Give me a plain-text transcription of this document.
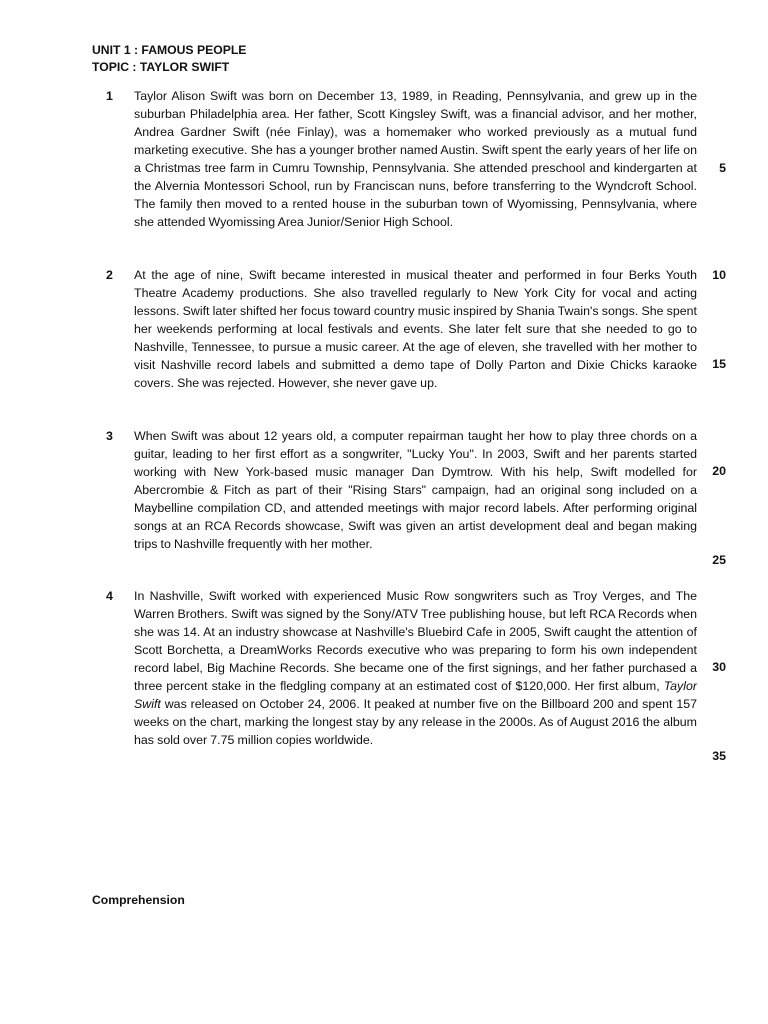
UNIT 1 : FAMOUS PEOPLE
TOPIC : TAYLOR SWIFT
1 Taylor Alison Swift was born on December 13, 1989, in Reading, Pennsylvania, and grew up in the suburban Philadelphia area. Her father, Scott Kingsley Swift, was a financial advisor, and her mother, Andrea Gardner Swift (née Finlay), was a homemaker who worked previously as a mutual fund marketing executive. She has a younger brother named Austin. Swift spent the early years of her life on a Christmas tree farm in Cumru Township, Pennsylvania. She attended preschool and kindergarten at the Alvernia Montessori School, run by Franciscan nuns, before transferring to the Wyndcroft School. The family then moved to a rented house in the suburban town of Wyomissing, Pennsylvania, where she attended Wyomissing Area Junior/Senior High School.
2 At the age of nine, Swift became interested in musical theater and performed in four Berks Youth Theatre Academy productions. She also travelled regularly to New York City for vocal and acting lessons. Swift later shifted her focus toward country music inspired by Shania Twain's songs. She spent her weekends performing at local festivals and events. She later felt sure that she needed to go to Nashville, Tennessee, to pursue a music career. At the age of eleven, she travelled with her mother to visit Nashville record labels and submitted a demo tape of Dolly Parton and Dixie Chicks karaoke covers. She was rejected. However, she never gave up.
3 When Swift was about 12 years old, a computer repairman taught her how to play three chords on a guitar, leading to her first effort as a songwriter, "Lucky You". In 2003, Swift and her parents started working with New York-based music manager Dan Dymtrow. With his help, Swift modelled for Abercrombie & Fitch as part of their "Rising Stars" campaign, had an original song included on a Maybelline compilation CD, and attended meetings with major record labels. After performing original songs at an RCA Records showcase, Swift was given an artist development deal and began making trips to Nashville frequently with her mother.
4 In Nashville, Swift worked with experienced Music Row songwriters such as Troy Verges, and The Warren Brothers. Swift was signed by the Sony/ATV Tree publishing house, but left RCA Records when she was 14. At an industry showcase at Nashville's Bluebird Cafe in 2005, Swift caught the attention of Scott Borchetta, a DreamWorks Records executive who was preparing to form his own independent record label, Big Machine Records. She became one of the first signings, and her father purchased a three percent stake in the fledgling company at an estimated cost of $120,000. Her first album, Taylor Swift was released on October 24, 2006. It peaked at number five on the Billboard 200 and spent 157 weeks on the chart, marking the longest stay by any release in the 2000s. As of August 2016 the album has sold over 7.75 million copies worldwide.
5
10
15
20
25
30
35
Comprehension
